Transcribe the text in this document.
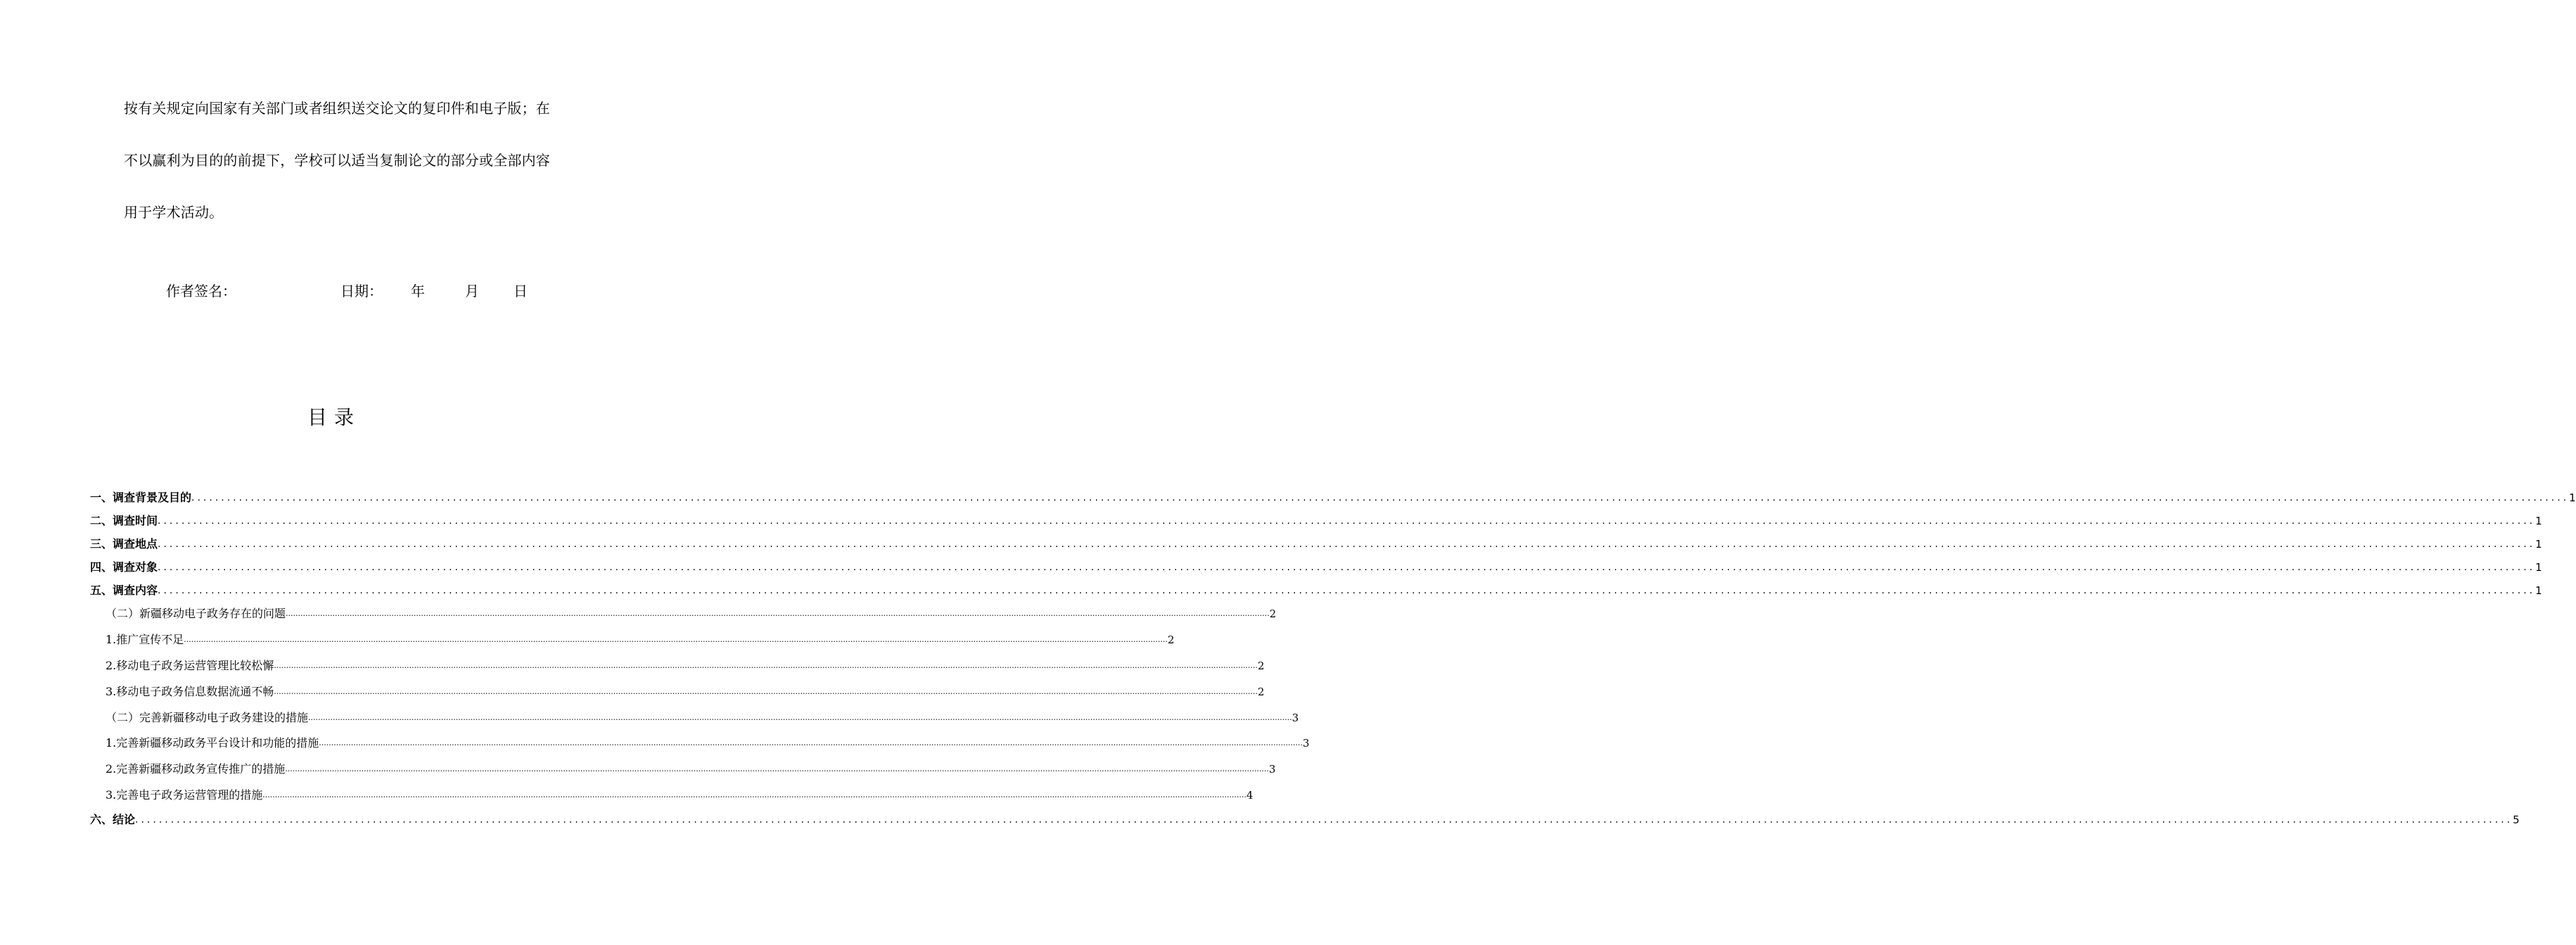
按有关规定向国家有关部门或者组织送交论文的复印件和电子版；在
不以赢利为目的的前提下，学校可以适当复制论文的部分或全部内容
用于学术活动。
作者签名：	日期： 年	月 日
目录
一、调查背景及目的 ................................................................................................................................................................................................................................................................................................................................................................................................................ 1
二、调查时间 ................................................................................................................................................................................................................................................................................................................................................................................................................ 1
三、调查地点 ................................................................................................................................................................................................................................................................................................................................................................................................................ 1
四、调查对象 ................................................................................................................................................................................................................................................................................................................................................................................................................ 1
五、调查内容 ................................................................................................................................................................................................................................................................................................................................................................................................................ 1
（二）新疆移动电子政务存在的问题 ................................................................................................................................................................................................................................................................................................................................................................................................................ 2
1.推广宣传不足 ................................................................................................................................................................................................................................................................................................................................................................................................................ 2
2.移动电子政务运营管理比较松懈 ................................................................................................................................................................................................................................................................................................................................................................................................................ 2
3.移动电子政务信息数据流通不畅 ................................................................................................................................................................................................................................................................................................................................................................................................................ 2
（二）完善新疆移动电子政务建设的措施 ................................................................................................................................................................................................................................................................................................................................................................................................................ 3
1.完善新疆移动政务平台设计和功能的措施 ................................................................................................................................................................................................................................................................................................................................................................................................................ 3
2.完善新疆移动政务宣传推广的措施 ................................................................................................................................................................................................................................................................................................................................................................................................................ 3
3.完善电子政务运营管理的措施 ................................................................................................................................................................................................................................................................................................................................................................................................................ 4
六、结论 ................................................................................................................................................................................................................................................................................................................................................................................................................ 5
